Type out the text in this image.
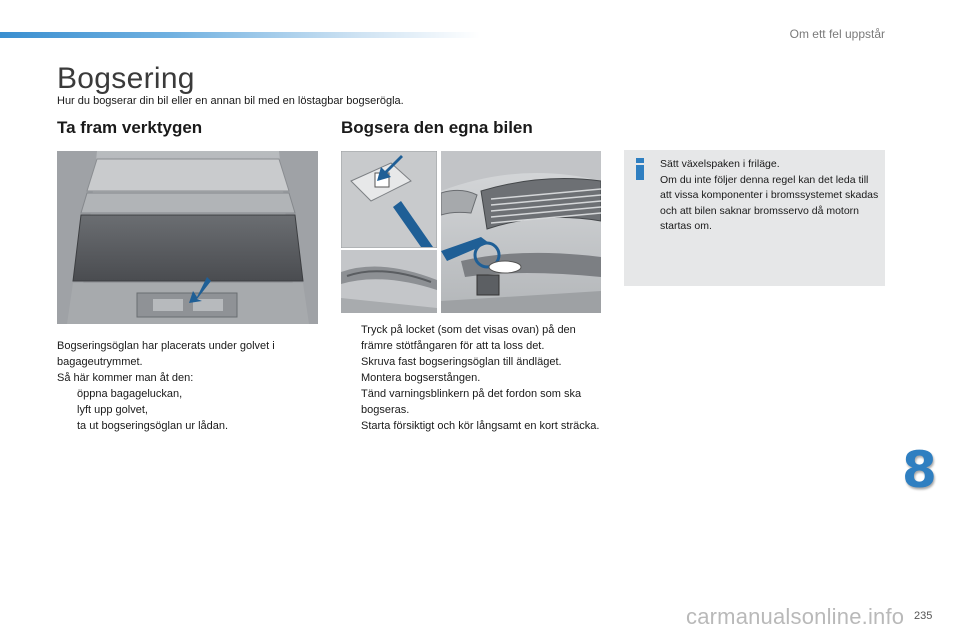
Om ett fel uppstår
Bogsering

Hur du bogserar din bil eller en annan bil med en löstagbar bogserögla.

Ta fram verktygen	Bogsera den egna bilen

Bogseringsöglan har placerats under golvet i bagageutrymmet.

Så här kommer man åt den:

öppna bagageluckan,
lyft upp golvet,
ta ut bogseringsöglan ur lådan.
Tryck på locket (som det visas ovan) på den främre stötfångaren för att ta loss det.
Skruva fast bogseringsöglan till ändläget.
Montera bogserstången.
Tänd varningsblinkern på det fordon som ska bogseras.
Starta försiktigt och kör långsamt en kort sträcka.

Sätt växelspaken i friläge.
Om du inte följer denna regel kan det leda till att vissa komponenter i bromssystemet skadas och att bilen saknar bromsservo då motorn startas om.

8
carmanualsonline.info 235
